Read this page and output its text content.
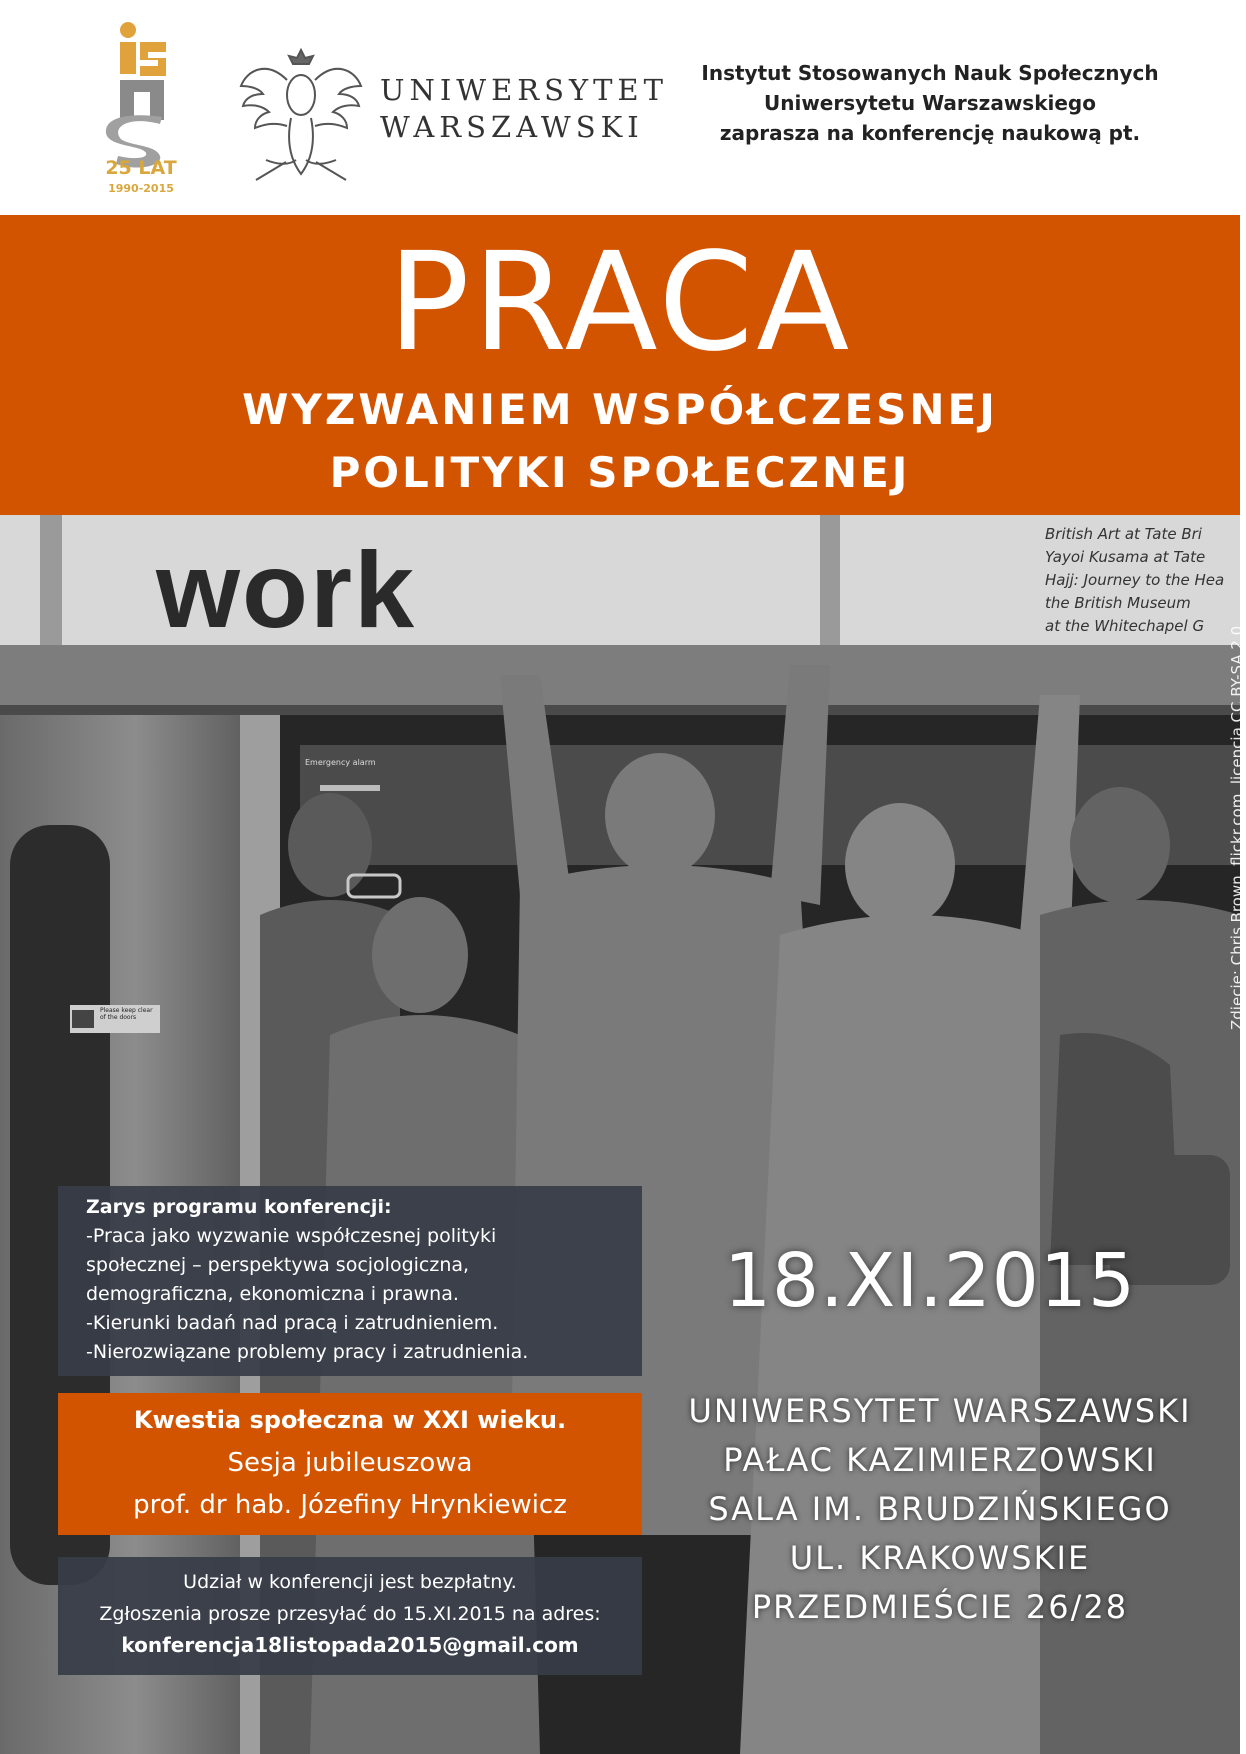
25 LAT
1990-2015
UNIWERSYTET
WARSZAWSKI
Instytut Stosowanych Nauk Społecznych
Uniwersytetu Warszawskiego
zaprasza na konferencję naukową pt.
PRACA
WYZWANIEM WSPÓŁCZESNEJ
POLITYKI SPOŁECZNEJ
work	British Art at Tate Bri
Yayoi Kusama at Tate
Hajj: Journey to the Hea
the British Museum
at the Whitechapel G
Emergency alarm
Please keep clear of the doors	Zdjęcie: Chris Brown, flickr.com, licencja CC BY-SA 2.0
Zarys programu konferencji:
-Praca jako wyzwanie współczesnej polityki
społecznej – perspektywa socjologiczna,
demograficzna, ekonomiczna i prawna.
-Kierunki badań nad pracą i zatrudnieniem.
-Nierozwiązane problemy pracy i zatrudnienia.
Kwestia społeczna w XXI wieku.
Sesja jubileuszowa
prof. dr hab. Józefiny Hrynkiewicz
Udział w konferencji jest bezpłatny.
Zgłoszenia prosze przesyłać do 15.XI.2015 na adres:
konferencja18listopada2015@gmail.com
18.XI.2015
UNIWERSYTET WARSZAWSKI
PAŁAC KAZIMIERZOWSKI
SALA IM. BRUDZIŃSKIEGO
UL. KRAKOWSKIE
PRZEDMIEŚCIE 26/28
